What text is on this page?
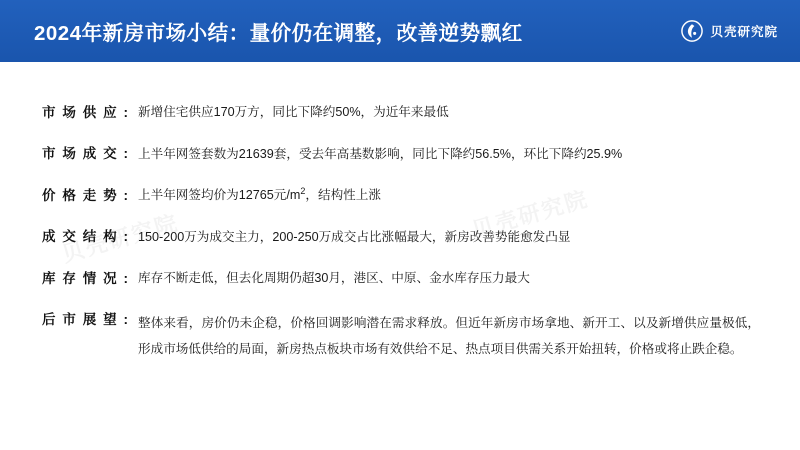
2024年新房市场小结：量价仍在调整，改善逆势飘红	贝壳研究院
市场供应: 新增住宅供应170万方，同比下降约50%，为近年来最低
市场成交: 上半年网签套数为21639套，受去年高基数影响，同比下降约56.5%，环比下降约25.9%
价格走势: 上半年网签均价为12765元$/m^2$，结构性上涨
成交结构: 150-200万为成交主力，200-250万成交占比涨幅最大，新房改善势能愈发凸显
库存情况: 库存不断走低，但去化周期仍超30月，港区、中原、金水库存压力最大
后市展望: 整体来看，房价仍未企稳，价格回调影响潜在需求释放。但近年新房市场拿地、新开工、以及新增供应量极低，形成市场低供给的局面，新房热点板块市场有效供给不足、热点项目供需关系开始扭转，价格或将止跌企稳。
